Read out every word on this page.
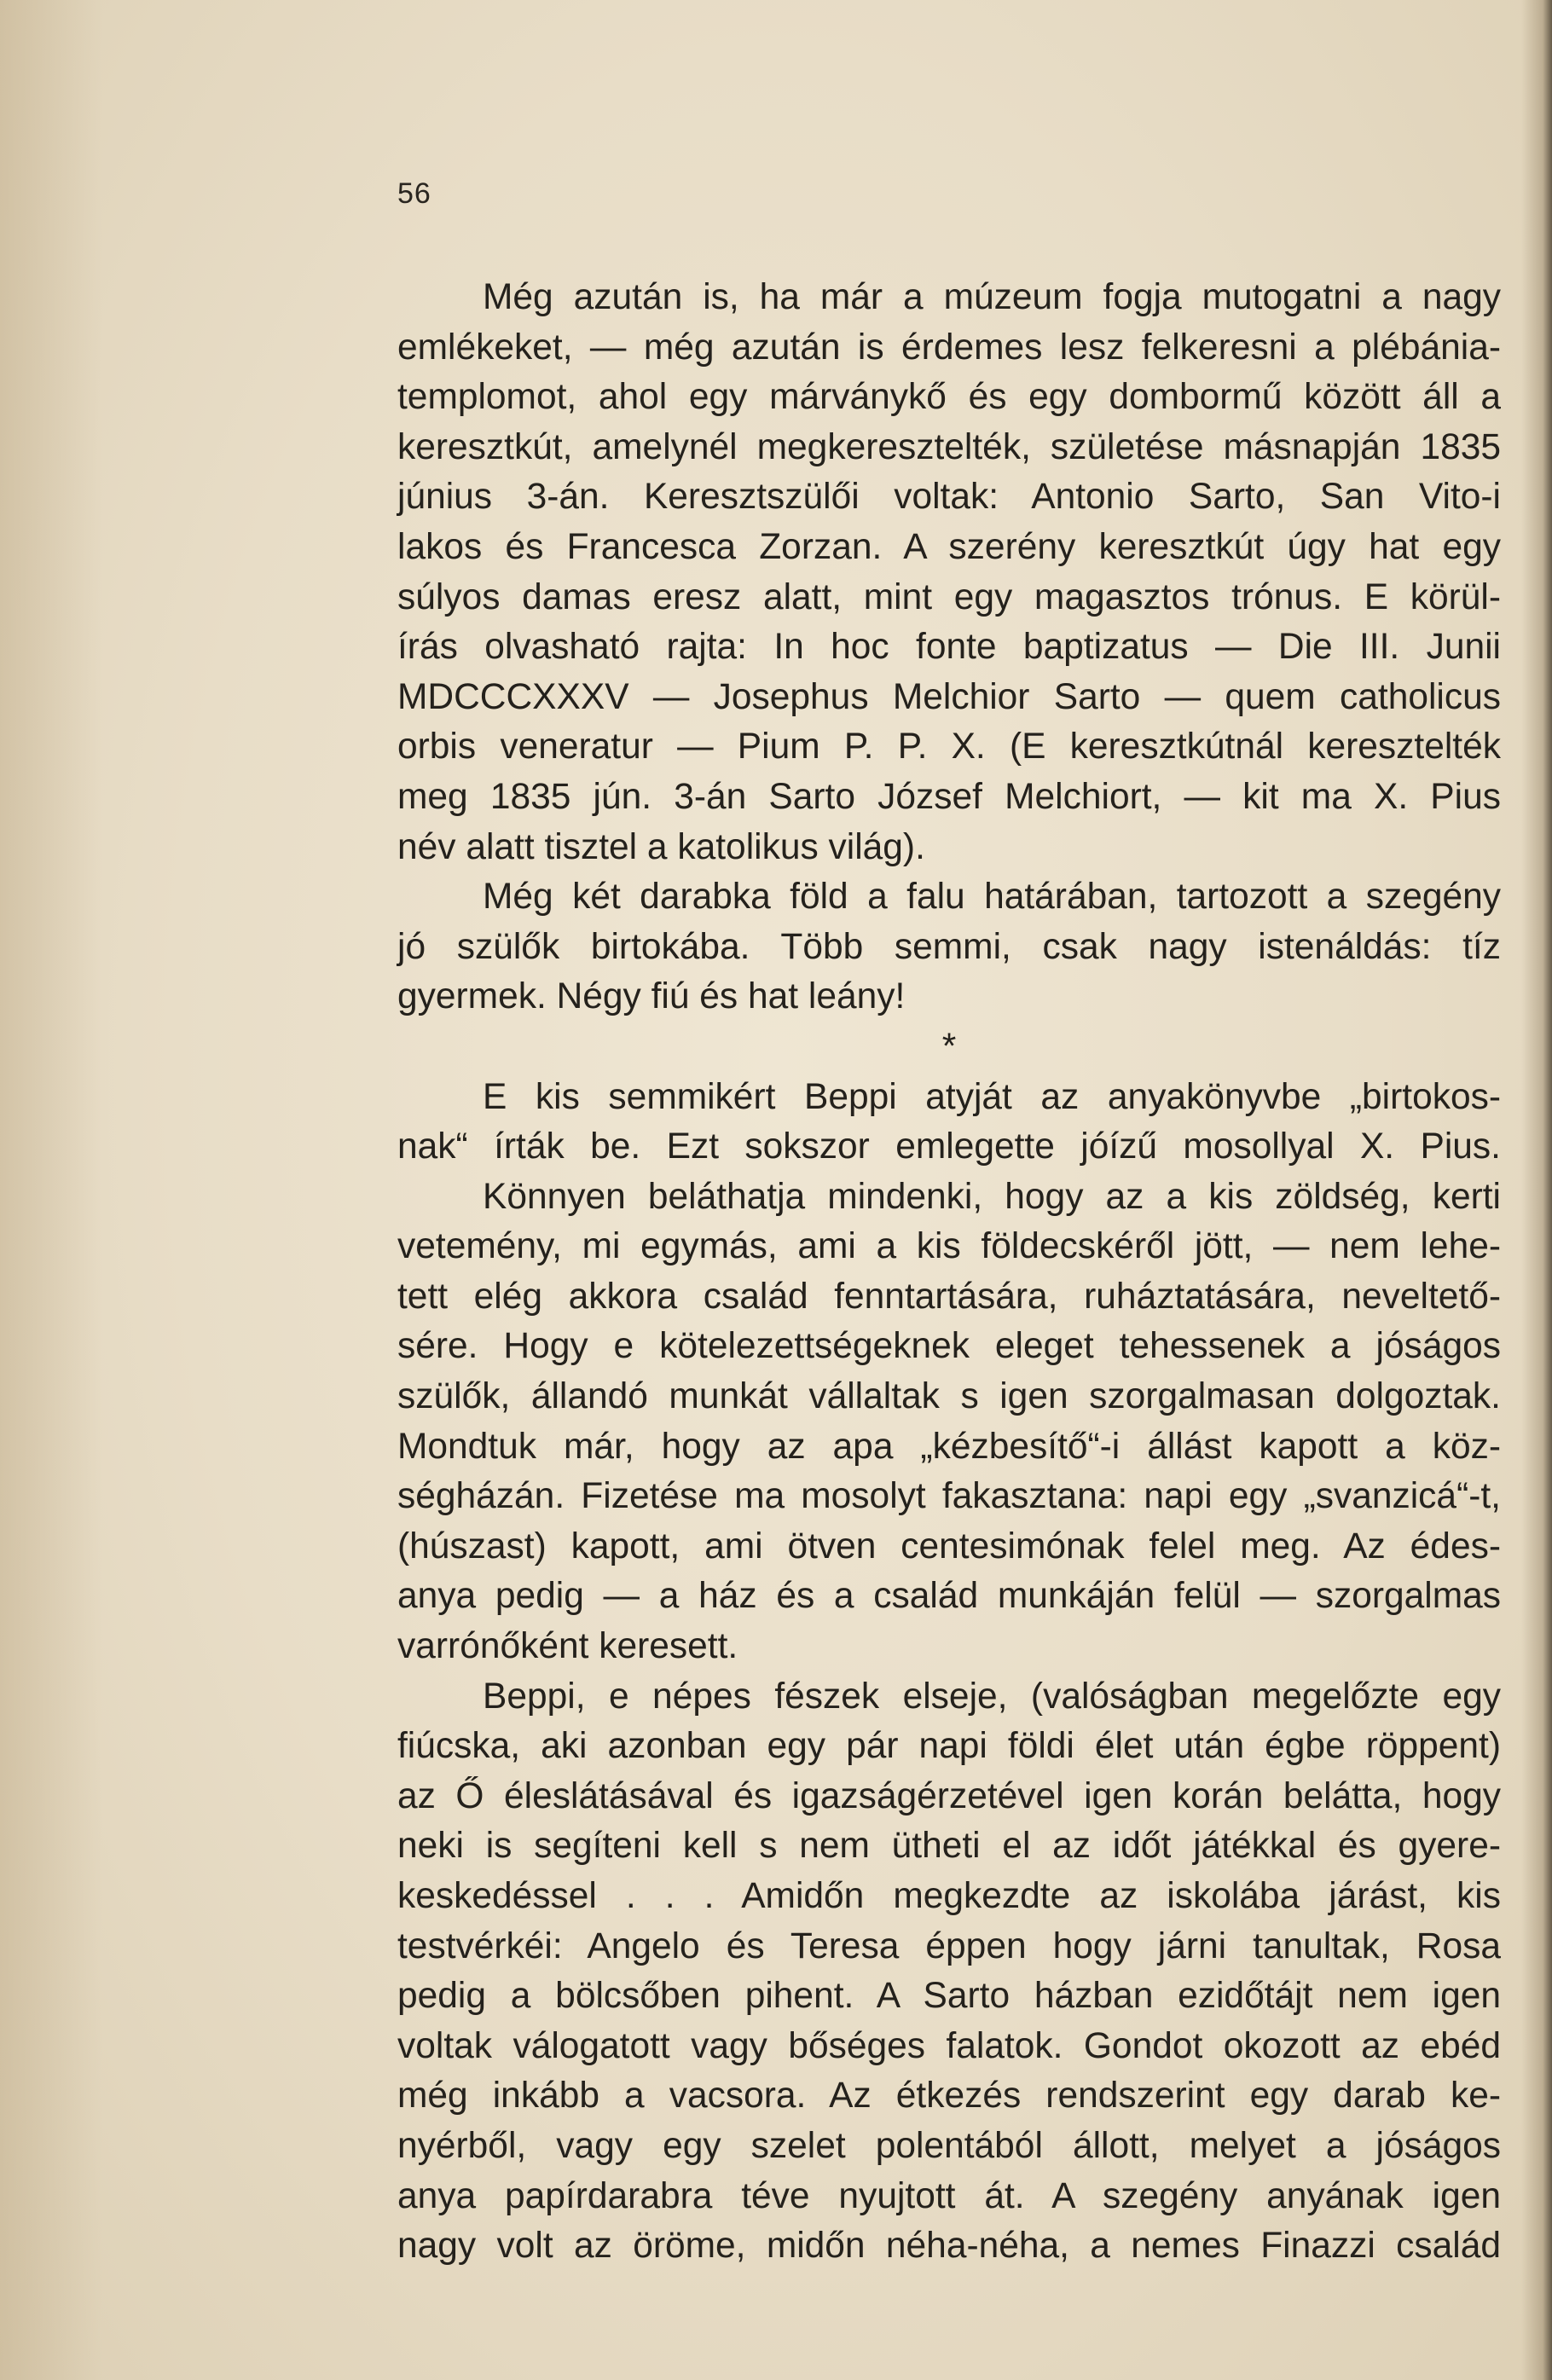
56
Még azután is, ha már a múzeum fogja mutogatni a nagy
emlékeket, — még azután is érdemes lesz felkeresni a plébánia-
templomot, ahol egy márványkő és egy dombormű között áll a
keresztkút, amelynél megkeresztelték, születése másnapján 1835
június 3-án. Keresztszülői voltak: Antonio Sarto, San Vito-i
lakos és Francesca Zorzan. A szerény keresztkút úgy hat egy
súlyos damas eresz alatt, mint egy magasztos trónus. E körül-
írás olvasható rajta: In hoc fonte baptizatus — Die III. Junii
MDCCCXXXV — Josephus Melchior Sarto — quem catholicus
orbis veneratur — Pium P. P. X. (E keresztkútnál keresztelték
meg 1835 jún. 3-án Sarto József Melchiort, — kit ma X. Pius
név alatt tisztel a katolikus világ).
Még két darabka föld a falu határában, tartozott a szegény
jó szülők birtokába. Több semmi, csak nagy istenáldás: tíz
gyermek. Négy fiú és hat leány!
*
E kis semmikért Beppi atyját az anyakönyvbe „birtokos-
nak“ írták be. Ezt sokszor emlegette jóízű mosollyal X. Pius.
Könnyen beláthatja mindenki, hogy az a kis zöldség, kerti
vetemény, mi egymás, ami a kis földecskéről jött, — nem lehe-
tett elég akkora család fenntartására, ruháztatására, neveltető-
sére. Hogy e kötelezettségeknek eleget tehessenek a jóságos
szülők, állandó munkát vállaltak s igen szorgalmasan dolgoztak.
Mondtuk már, hogy az apa „kézbesítő“-i állást kapott a köz-
ségházán. Fizetése ma mosolyt fakasztana: napi egy „svanzicá“-t,
(húszast) kapott, ami ötven centesimónak felel meg. Az édes-
anya pedig — a ház és a család munkáján felül — szorgalmas
varrónőként keresett.
Beppi, e népes fészek elseje, (valóságban megelőzte egy
fiúcska, aki azonban egy pár napi földi élet után égbe röppent)
az Ő éleslátásával és igazságérzetével igen korán belátta, hogy
neki is segíteni kell s nem ütheti el az időt játékkal és gyere-
keskedéssel . . . Amidőn megkezdte az iskolába járást, kis
testvérkéi: Angelo és Teresa éppen hogy járni tanultak, Rosa
pedig a bölcsőben pihent. A Sarto házban ezidőtájt nem igen
voltak válogatott vagy bőséges falatok. Gondot okozott az ebéd
még inkább a vacsora. Az étkezés rendszerint egy darab ke-
nyérből, vagy egy szelet polentából állott, melyet a jóságos
anya papírdarabra téve nyujtott át. A szegény anyának igen
nagy volt az öröme, midőn néha-néha, a nemes Finazzi család
